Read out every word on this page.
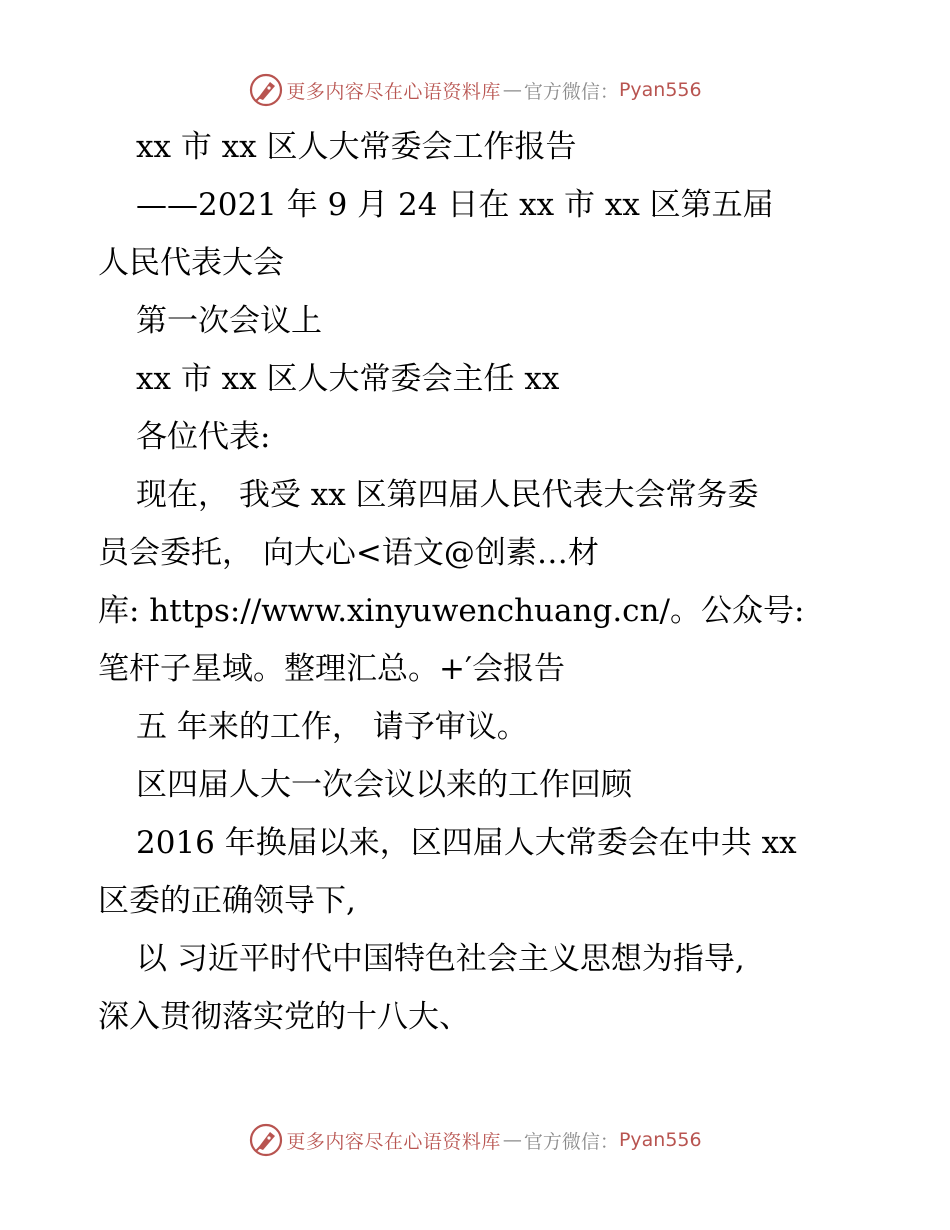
更多内容尽在心语资料库 — 官方微信： Pyan556

xx 市 xx 区人大常委会工作报告

——2021 年 9 月 24 日在 xx 市 xx 区第五届

人民代表大会

第一次会议上

xx 市 xx 区人大常委会主任 xx

各位代表:

现在， 我受 xx 区第四届人民代表大会常务委

员会委托， 向大心<语文@创素…材

库: https://www.xinyuwenchuang.cn/。公众号:

笔杆子星域。整理汇总。+′会报告

五 年来的工作， 请予审议。

区四届人大一次会议以来的工作回顾

2016 年换届以来，区四届人大常委会在中共 xx

区委的正确领导下,

以 习近平时代中国特色社会主义思想为指导,

深入贯彻落实党的十八大、

更多内容尽在心语资料库 — 官方微信： Pyan556
